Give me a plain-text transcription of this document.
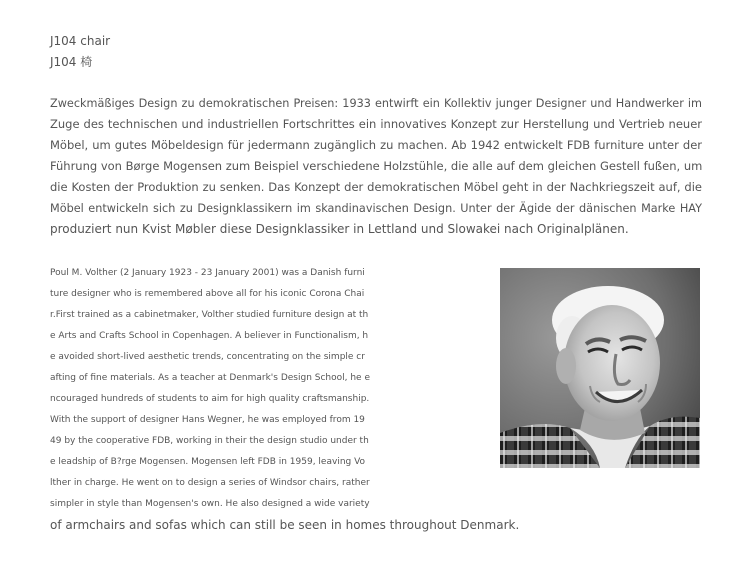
J104 chair
J104 椅
Zweckmäßiges Design zu demokratischen Preisen: 1933 entwirft ein Kollektiv junger Designer und Handwerker im
Zuge des technischen und industriellen Fortschrittes ein innovatives Konzept zur Herstellung und Vertrieb neuer
Möbel, um gutes Möbeldesign für jedermann zugänglich zu machen. Ab 1942 entwickelt FDB furniture unter der
Führung von Børge Mogensen zum Beispiel verschiedene Holzstühle, die alle auf dem gleichen Gestell fußen, um
die Kosten der Produktion zu senken. Das Konzept der demokratischen Möbel geht in der Nachkriegszeit auf, die
Möbel entwickeln sich zu Designklassikern im skandinavischen Design. Unter der Ägide der dänischen Marke HAY
produziert nun Kvist Møbler diese Designklassiker in Lettland und Slowakei nach Originalplänen.
Poul M. Volther (2 January 1923 - 23 January 2001) was a Danish furni
ture designer who is remembered above all for his iconic Corona Chai
r.First trained as a cabinetmaker, Volther studied furniture design at th
e Arts and Crafts School in Copenhagen. A believer in Functionalism, h
e avoided short-lived aesthetic trends, concentrating on the simple cr
afting of fine materials. As a teacher at Denmark's Design School, he e
ncouraged hundreds of students to aim for high quality craftsmanship.
With the support of designer Hans Wegner, he was employed from 19
49 by the cooperative FDB, working in their the design studio under th
e leadship of B?rge Mogensen. Mogensen left FDB in 1959, leaving Vo
lther in charge. He went on to design a series of Windsor chairs, rather
simpler in style than Mogensen's own. He also designed a wide variety
of armchairs and sofas which can still be seen in homes throughout Denmark.
